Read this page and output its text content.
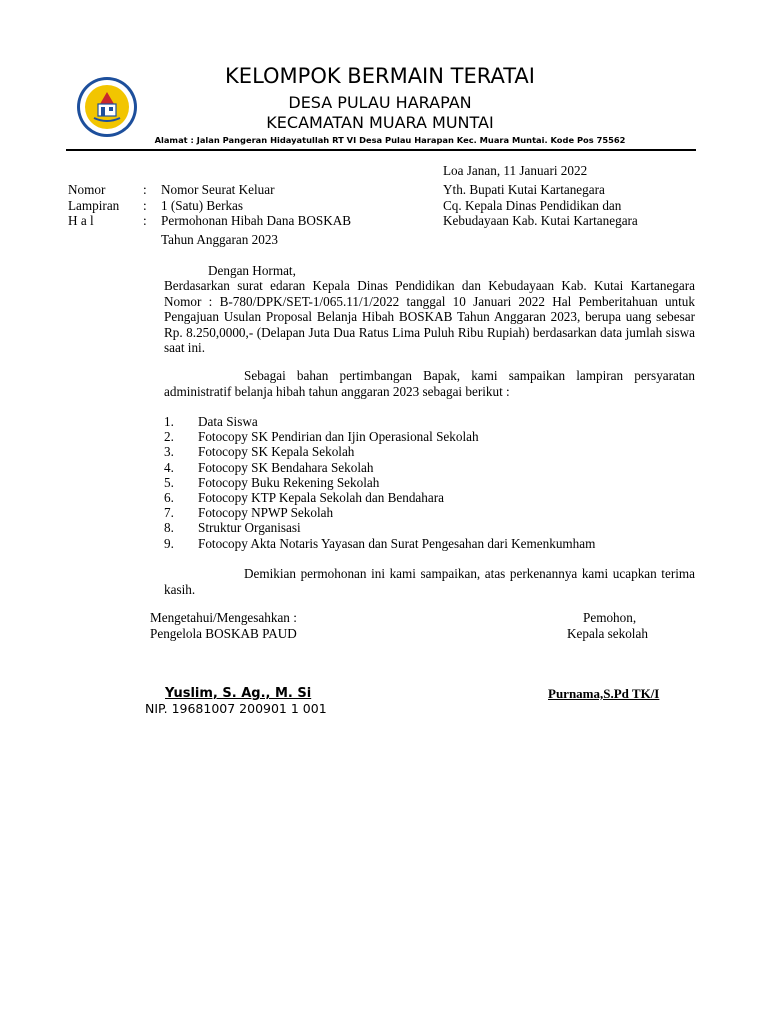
KELOMPOK BERMAIN TERATAI
DESA PULAU HARAPAN
KECAMATAN MUARA MUNTAI
Alamat : Jalan Pangeran Hidayatullah RT VI Desa Pulau Harapan Kec. Muara Muntai. Kode Pos 75562
Loa Janan, 11 Januari 2022
Nomor	: Nomor Seurat Keluar
Lampiran : 1 (Satu) Berkas
H a l	: Permohonan Hibah Dana BOSKAB
Tahun Anggaran 2023
Yth. Bupati Kutai Kartanegara
Cq. Kepala Dinas Pendidikan dan
Kebudayaan Kab. Kutai Kartanegara
Dengan Hormat,

Berdasarkan surat edaran Kepala Dinas Pendidikan dan Kebudayaan Kab. Kutai Kartanegara Nomor : B-780/DPK/SET-1/065.11/1/2022 tanggal 10 Januari 2022 Hal Pemberitahuan untuk Pengajuan Usulan Proposal Belanja Hibah BOSKAB Tahun Anggaran 2023, berupa uang sebesar Rp. 8.250,0000,- (Delapan Juta Dua Ratus Lima Puluh Ribu Rupiah) berdasarkan data jumlah siswa saat ini.

Sebagai bahan pertimbangan Bapak, kami sampaikan lampiran persyaratan administratif belanja hibah tahun anggaran 2023 sebagai berikut :

1.	Data Siswa
2.	Fotocopy SK Pendirian dan Ijin Operasional Sekolah
3.	Fotocopy SK Kepala Sekolah
4.	Fotocopy SK Bendahara Sekolah
5.	Fotocopy Buku Rekening Sekolah
6.	Fotocopy KTP Kepala Sekolah dan Bendahara
7.	Fotocopy NPWP Sekolah
8.	Struktur Organisasi
9.	Fotocopy Akta Notaris Yayasan dan Surat Pengesahan dari Kemenkumham

Demikian permohonan ini kami sampaikan, atas perkenannya kami ucapkan terima kasih.

Mengetahui/Mengesahkan :
Pengelola BOSKAB PAUD
Pemohon,
Kepala sekolah
Yuslim, S. Ag., M. Si
NIP. 19681007 200901 1 001
Purnama,S.Pd TK/I
